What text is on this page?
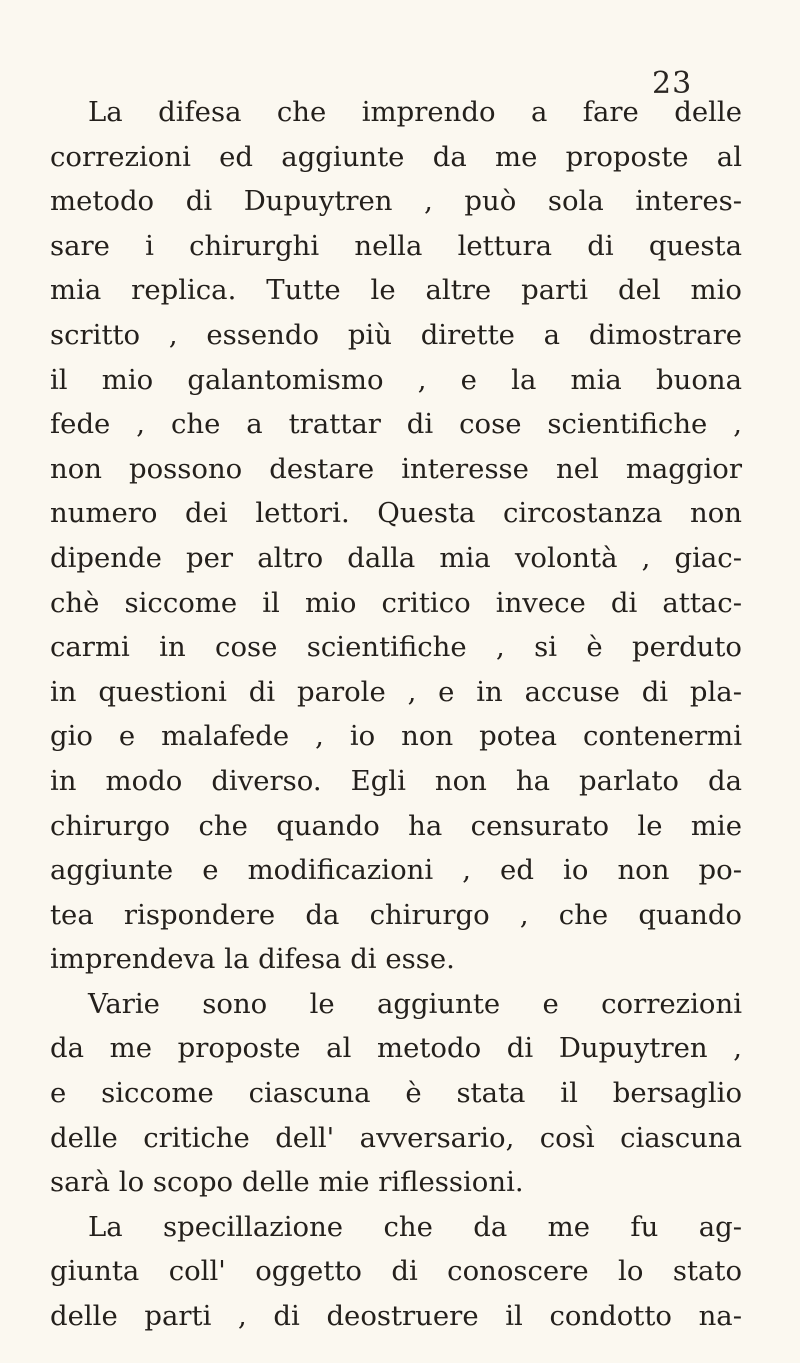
23
La difesa che imprendo a fare delle
correzioni ed aggiunte da me proposte al
metodo di Dupuytren , può sola interes-
sare i chirurghi nella lettura di questa
mia replica. Tutte le altre parti del mio
scritto , essendo più dirette a dimostrare
il mio galantomismo , e la mia buona
fede , che a trattar di cose scientifiche ,
non possono destare interesse nel maggior
numero dei lettori. Questa circostanza non
dipende per altro dalla mia volontà , giac-
chè siccome il mio critico invece di attac-
carmi in cose scientifiche , si è perduto
in questioni di parole , e in accuse di pla-
gio e malafede , io non potea contenermi
in modo diverso. Egli non ha parlato da
chirurgo che quando ha censurato le mie
aggiunte e modificazioni , ed io non po-
tea rispondere da chirurgo , che quando
imprendeva la difesa di esse.
Varie sono le aggiunte e correzioni
da me proposte al metodo di Dupuytren ,
e siccome ciascuna è stata il bersaglio
delle critiche dell' avversario, così ciascuna
sarà lo scopo delle mie riflessioni.
La specillazione che da me fu ag-
giunta coll' oggetto di conoscere lo stato
delle parti , di deostruere il condotto na-
